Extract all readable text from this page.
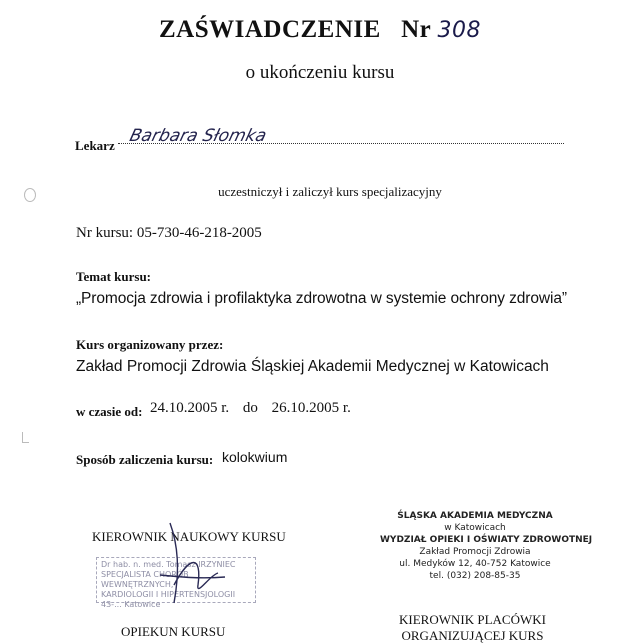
ZAŚWIADCZENIE Nr 308
o ukończeniu kursu
Lekarz Barbara Słomka
uczestniczył i zaliczył kurs specjalizacyjny
Nr kursu: 05-730-46-218-2005
Temat kursu:
„Promocja zdrowia i profilaktyka zdrowotna w systemie ochrony zdrowia”
Kurs organizowany przez:
Zakład Promocji Zdrowia Śląskiej Akademii Medycznej w Katowicach
w czasie od: 24.10.2005 r. do 26.10.2005 r.
Sposób zaliczenia kursu: kolokwium
KIEROWNIK NAUKOWY KURSU
Dr hab. n. med. Tomasz IRZYNIEC
SPECJALISTA CHORÓB WEWNĘTRZNYCH,
KARDIOLOGII I HIPERTENSJOLOGII
43-... Katowice
OPIEKUN KURSU
ŚLĄSKA AKADEMIA MEDYCZNA
w Katowicach
WYDZIAŁ OPIEKI I OŚWIATY ZDROWOTNEJ
Zakład Promocji Zdrowia
ul. Medyków 12, 40-752 Katowice
tel. (032) 208-85-35
KIEROWNIK PLACÓWKI
ORGANIZUJĄCEJ KURS
